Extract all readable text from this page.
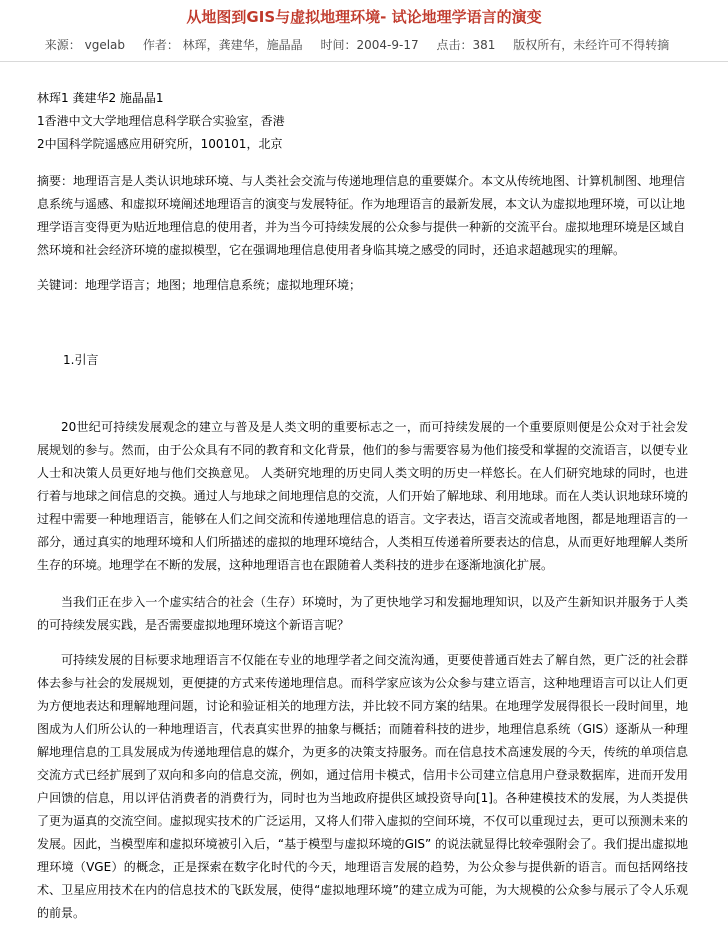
从地图到GIS与虚拟地理环境- 试论地理学语言的演变
来源： vgelab 作者： 林珲，龚建华，施晶晶 时间：2004-9-17 点击：381 版权所有，未经许可不得转摘

林珲1 龚建华2 施晶晶1

1香港中文大学地理信息科学联合实验室，香港

2中国科学院遥感应用研究所，100101，北京

摘要：地理语言是人类认识地球环境、与人类社会交流与传递地理信息的重要媒介。本文从传统地图、计算机制图、地理信息系统与遥感、和虚拟环境阐述地理语言的演变与发展特征。作为地理语言的最新发展，本文认为虚拟地理环境，可以让地理学语言变得更为贴近地理信息的使用者，并为当今可持续发展的公众参与提供一种新的交流平台。虚拟地理环境是区域自然环境和社会经济环境的虚拟模型，它在强调地理信息使用者身临其境之感受的同时，还追求超越现实的理解。

关键词：地理学语言；地图；地理信息系统；虚拟地理环境；

1.引言

20世纪可持续发展观念的建立与普及是人类文明的重要标志之一，而可持续发展的一个重要原则便是公众对于社会发展规划的参与。然而，由于公众具有不同的教育和文化背景，他们的参与需要容易为他们接受和掌握的交流语言，以便专业人士和决策人员更好地与他们交换意见。 人类研究地理的历史同人类文明的历史一样悠长。在人们研究地球的同时，也进行着与地球之间信息的交换。通过人与地球之间地理信息的交流，人们开始了解地球、利用地球。而在人类认识地球环境的过程中需要一种地理语言，能够在人们之间交流和传递地理信息的语言。文字表达，语言交流或者地图，都是地理语言的一部分，通过真实的地理环境和人们所描述的虚拟的地理环境结合，人类相互传递着所要表达的信息，从而更好地理解人类所生存的环境。地理学在不断的发展，这种地理语言也在跟随着人类科技的进步在逐渐地演化扩展。

当我们正在步入一个虚实结合的社会（生存）环境时，为了更快地学习和发掘地理知识，以及产生新知识并服务于人类的可持续发展实践，是否需要虚拟地理环境这个新语言呢？

可持续发展的目标要求地理语言不仅能在专业的地理学者之间交流沟通，更要使普通百姓去了解自然，更广泛的社会群体去参与社会的发展规划，更便捷的方式来传递地理信息。而科学家应该为公众参与建立语言，这种地理语言可以让人们更为方便地表达和理解地理问题，讨论和验证相关的地理方法，并比较不同方案的结果。在地理学发展得很长一段时间里，地图成为人们所公认的一种地理语言，代表真实世界的抽象与概括；而随着科技的进步，地理信息系统（GIS）逐渐从一种理解地理信息的工具发展成为传递地理信息的媒介，为更多的决策支持服务。而在信息技术高速发展的今天，传统的单项信息交流方式已经扩展到了双向和多向的信息交流，例如，通过信用卡模式，信用卡公司建立信息用户登录数据库，进而开发用户回馈的信息，用以评估消费者的消费行为，同时也为当地政府提供区域投资导向[1]。各种建模技术的发展，为人类提供了更为逼真的交流空间。虚拟现实技术的广泛运用，又将人们带入虚拟的空间环境，不仅可以重现过去，更可以预测未来的发展。因此，当模型库和虚拟环境被引入后，“基于模型与虚拟环境的GIS” 的说法就显得比较牵强附会了。我们提出虚拟地理环境（VGE）的概念，正是探索在数字化时代的今天，地理语言发展的趋势，为公众参与提供新的语言。而包括网络技术、卫星应用技术在内的信息技术的飞跃发展，使得“虚拟地理环境”的建立成为可能，为大规模的公众参与展示了令人乐观的前景。
